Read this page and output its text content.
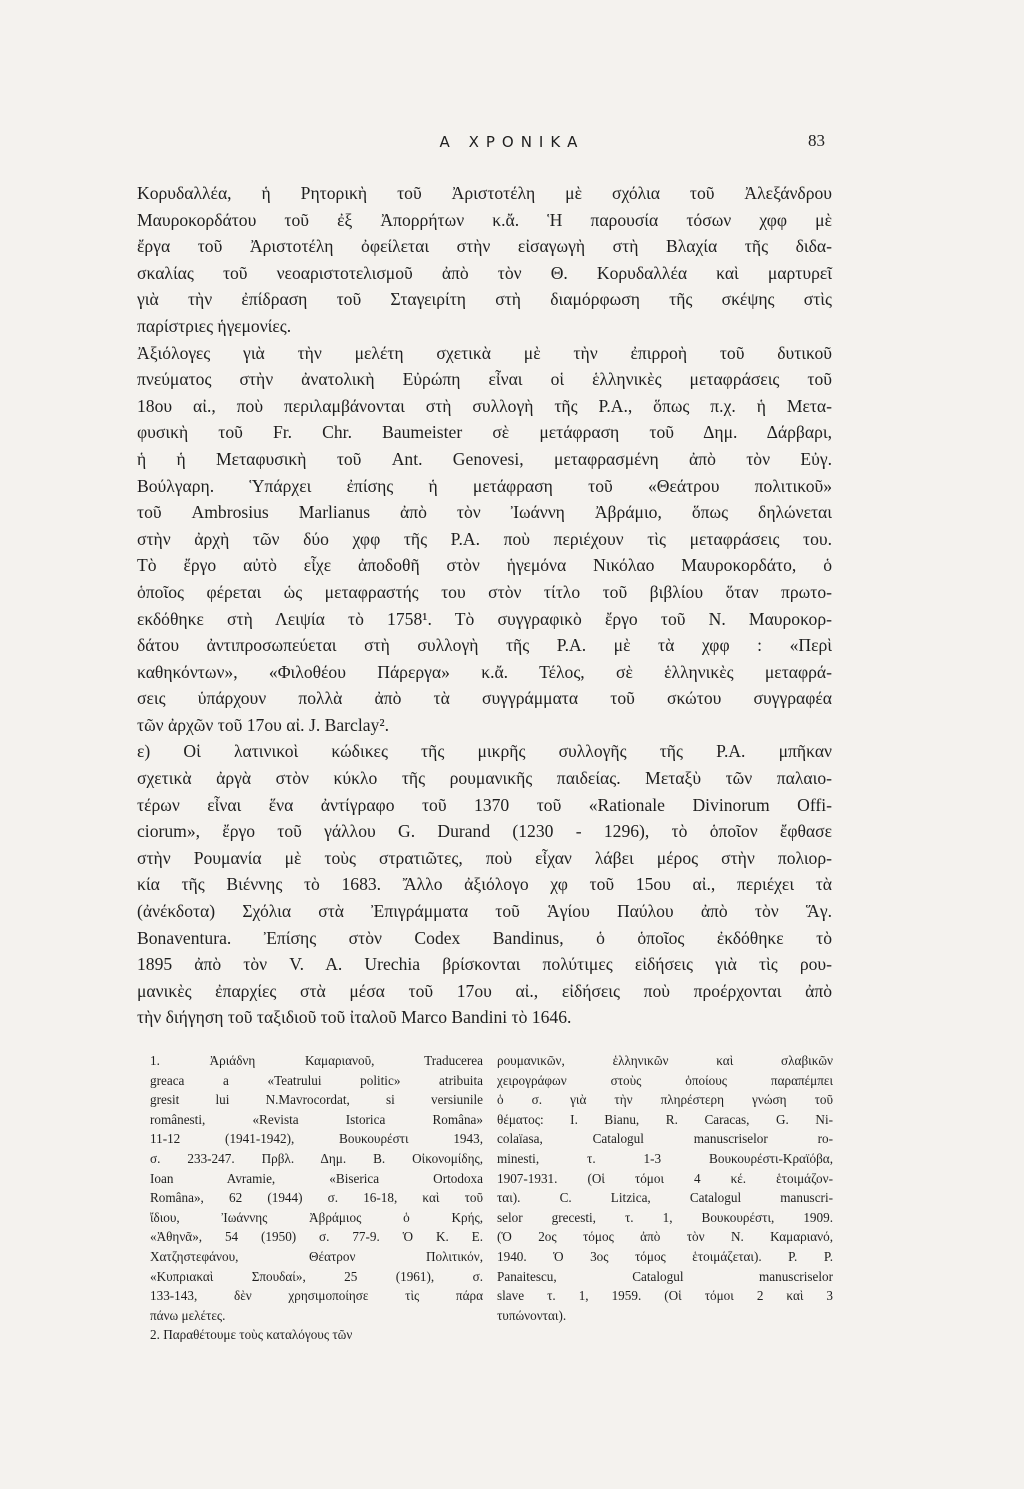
Α ΧΡΟΝΙΚΑ	83
Κορυδαλλέα, ἡ Ρητορικὴ τοῦ Ἀριστοτέλη μὲ σχόλια τοῦ Ἀλεξάνδρου
Μαυροκορδάτου τοῦ ἐξ Ἀπορρήτων κ.ἄ. Ἡ παρουσία τόσων χφφ μὲ
ἔργα τοῦ Ἀριστοτέλη ὀφείλεται στὴν εἰσαγωγὴ στὴ Βλαχία τῆς διδα-
σκαλίας τοῦ νεοαριστοτελισμοῦ ἀπὸ τὸν Θ. Κορυδαλλέα καὶ μαρτυρεῖ
γιὰ τὴν ἐπίδραση τοῦ Σταγειρίτη στὴ διαμόρφωση τῆς σκέψης στὶς
παρίστριες ἡγεμονίες.
Ἀξιόλογες γιὰ τὴν μελέτη σχετικὰ μὲ τὴν ἐπιρροὴ τοῦ δυτικοῦ
πνεύματος στὴν ἀνατολικὴ Εὐρώπη εἶναι οἱ ἑλληνικὲς μεταφράσεις τοῦ
18ου αἰ., ποὺ περιλαμβάνονται στὴ συλλογὴ τῆς Ρ.Α., ὅπως π.χ. ἡ Μετα-
φυσικὴ τοῦ Fr. Chr. Baumeister σὲ μετάφραση τοῦ Δημ. Δάρβαρι,
ἡ ἡ Μεταφυσικὴ τοῦ Ant. Genovesi, μεταφρασμένη ἀπὸ τὸν Εὐγ.
Βούλγαρη. Ὑπάρχει ἐπίσης ἡ μετάφραση τοῦ «Θεάτρου πολιτικοῦ»
τοῦ Ambrosius Marlianus ἀπὸ τὸν Ἰωάννη Ἀβράμιο, ὅπως δηλώνεται
στὴν ἀρχὴ τῶν δύο χφφ τῆς Ρ.Α. ποὺ περιέχουν τὶς μεταφράσεις του.
Τὸ ἔργο αὐτὸ εἶχε ἀποδοθῆ στὸν ἡγεμόνα Νικόλαο Μαυροκορδάτο, ὁ
ὁποῖος φέρεται ὡς μεταφραστής του στὸν τίτλο τοῦ βιβλίου ὅταν πρωτο-
εκδόθηκε στὴ Λειψία τὸ 1758¹. Τὸ συγγραφικὸ ἔργο τοῦ Ν. Μαυροκορ-
δάτου ἀντιπροσωπεύεται στὴ συλλογὴ τῆς Ρ.Α. μὲ τὰ χφφ : «Περὶ
καθηκόντων», «Φιλοθέου Πάρεργα» κ.ἄ. Τέλος, σὲ ἑλληνικὲς μεταφρά-
σεις ὑπάρχουν πολλὰ ἀπὸ τὰ συγγράμματα τοῦ σκώτου συγγραφέα
τῶν ἀρχῶν τοῦ 17ου αἰ. J. Barclay².
ε) Οἱ λατινικοὶ κώδικες τῆς μικρῆς συλλογῆς τῆς Ρ.Α. μπῆκαν
σχετικὰ ἀργὰ στὸν κύκλο τῆς ρουμανικῆς παιδείας. Μεταξὺ τῶν παλαιο-
τέρων εἶναι ἕνα ἀντίγραφο τοῦ 1370 τοῦ «Rationale Divinorum Offi-
ciorum», ἔργο τοῦ γάλλου G. Durand (1230 - 1296), τὸ ὁποῖον ἔφθασε
στὴν Ρουμανία μὲ τοὺς στρατιῶτες, ποὺ εἶχαν λάβει μέρος στὴν πολιορ-
κία τῆς Βιέννης τὸ 1683. Ἄλλο ἀξιόλογο χφ τοῦ 15ου αἰ., περιέχει τὰ
(ἀνέκδοτα) Σχόλια στὰ Ἐπιγράμματα τοῦ Ἁγίου Παύλου ἀπὸ τὸν Ἅγ.
Bonaventura. Ἐπίσης στὸν Codex Bandinus, ὁ ὁποῖος ἐκδόθηκε τὸ
1895 ἀπὸ τὸν V. A. Urechia βρίσκονται πολύτιμες εἰδήσεις γιὰ τὶς ρου-
μανικὲς ἐπαρχίες στὰ μέσα τοῦ 17ου αἰ., εἰδήσεις ποὺ προέρχονται ἀπὸ
τὴν διήγηση τοῦ ταξιδιοῦ τοῦ ἰταλοῦ Marco Bandini τὸ 1646.
1. Ἀριάδνη Καμαριανοῦ, Traducerea
greaca a «Teatrului politic» atribuita
gresit lui N.Mavrocordat, si versiunile
românesti, «Revista Istorica Româna»
11-12 (1941-1942), Βουκουρέστι 1943,
σ. 233-247. Πρβλ. Δημ. Β. Οἰκονομίδης,
Ioan Avramie, «Biserica Ortodoxa
Româna», 62 (1944) σ. 16-18, καὶ τοῦ
ἴδιου, Ἰωάννης Ἀβράμιος ὁ Κρής,
«Ἀθηνᾶ», 54 (1950) σ. 77-9. Ὁ Κ. Ε.
Χατζηστεφάνου, Θέατρον Πολιτικόν,
«Κυπριακαὶ Σπουδαί», 25 (1961), σ.
133-143, δὲν χρησιμοποίησε τὶς πάρα
πάνω μελέτες.
2. Παραθέτουμε τοὺς καταλόγους τῶν
ρουμανικῶν, ἑλληνικῶν καὶ σλαβικῶν
χειρογράφων στοὺς ὁποίους παραπέμπει
ὁ σ. γιὰ τὴν πληρέστερη γνώση τοῦ
θέματος: I. Bianu, R. Caracas, G. Ni-
colaïasa, Catalogul manuscriselor ro-
minesti, τ. 1-3 Βουκουρέστι-Κραϊόβα,
1907-1931. (Οἱ τόμοι 4 κέ. ἑτοιμάζον-
ται). C. Litzica, Catalogul manuscri-
selor grecesti, τ. 1, Βουκουρέστι, 1909.
(Ὁ 2ος τόμος ἀπὸ τὸν Ν. Καμαριανό,
1940. Ὁ 3ος τόμος ἑτοιμάζεται). P. P.
Panaitescu, Catalogul manuscriselor
slave τ. 1, 1959. (Οἱ τόμοι 2 καὶ 3
τυπώνονται).
